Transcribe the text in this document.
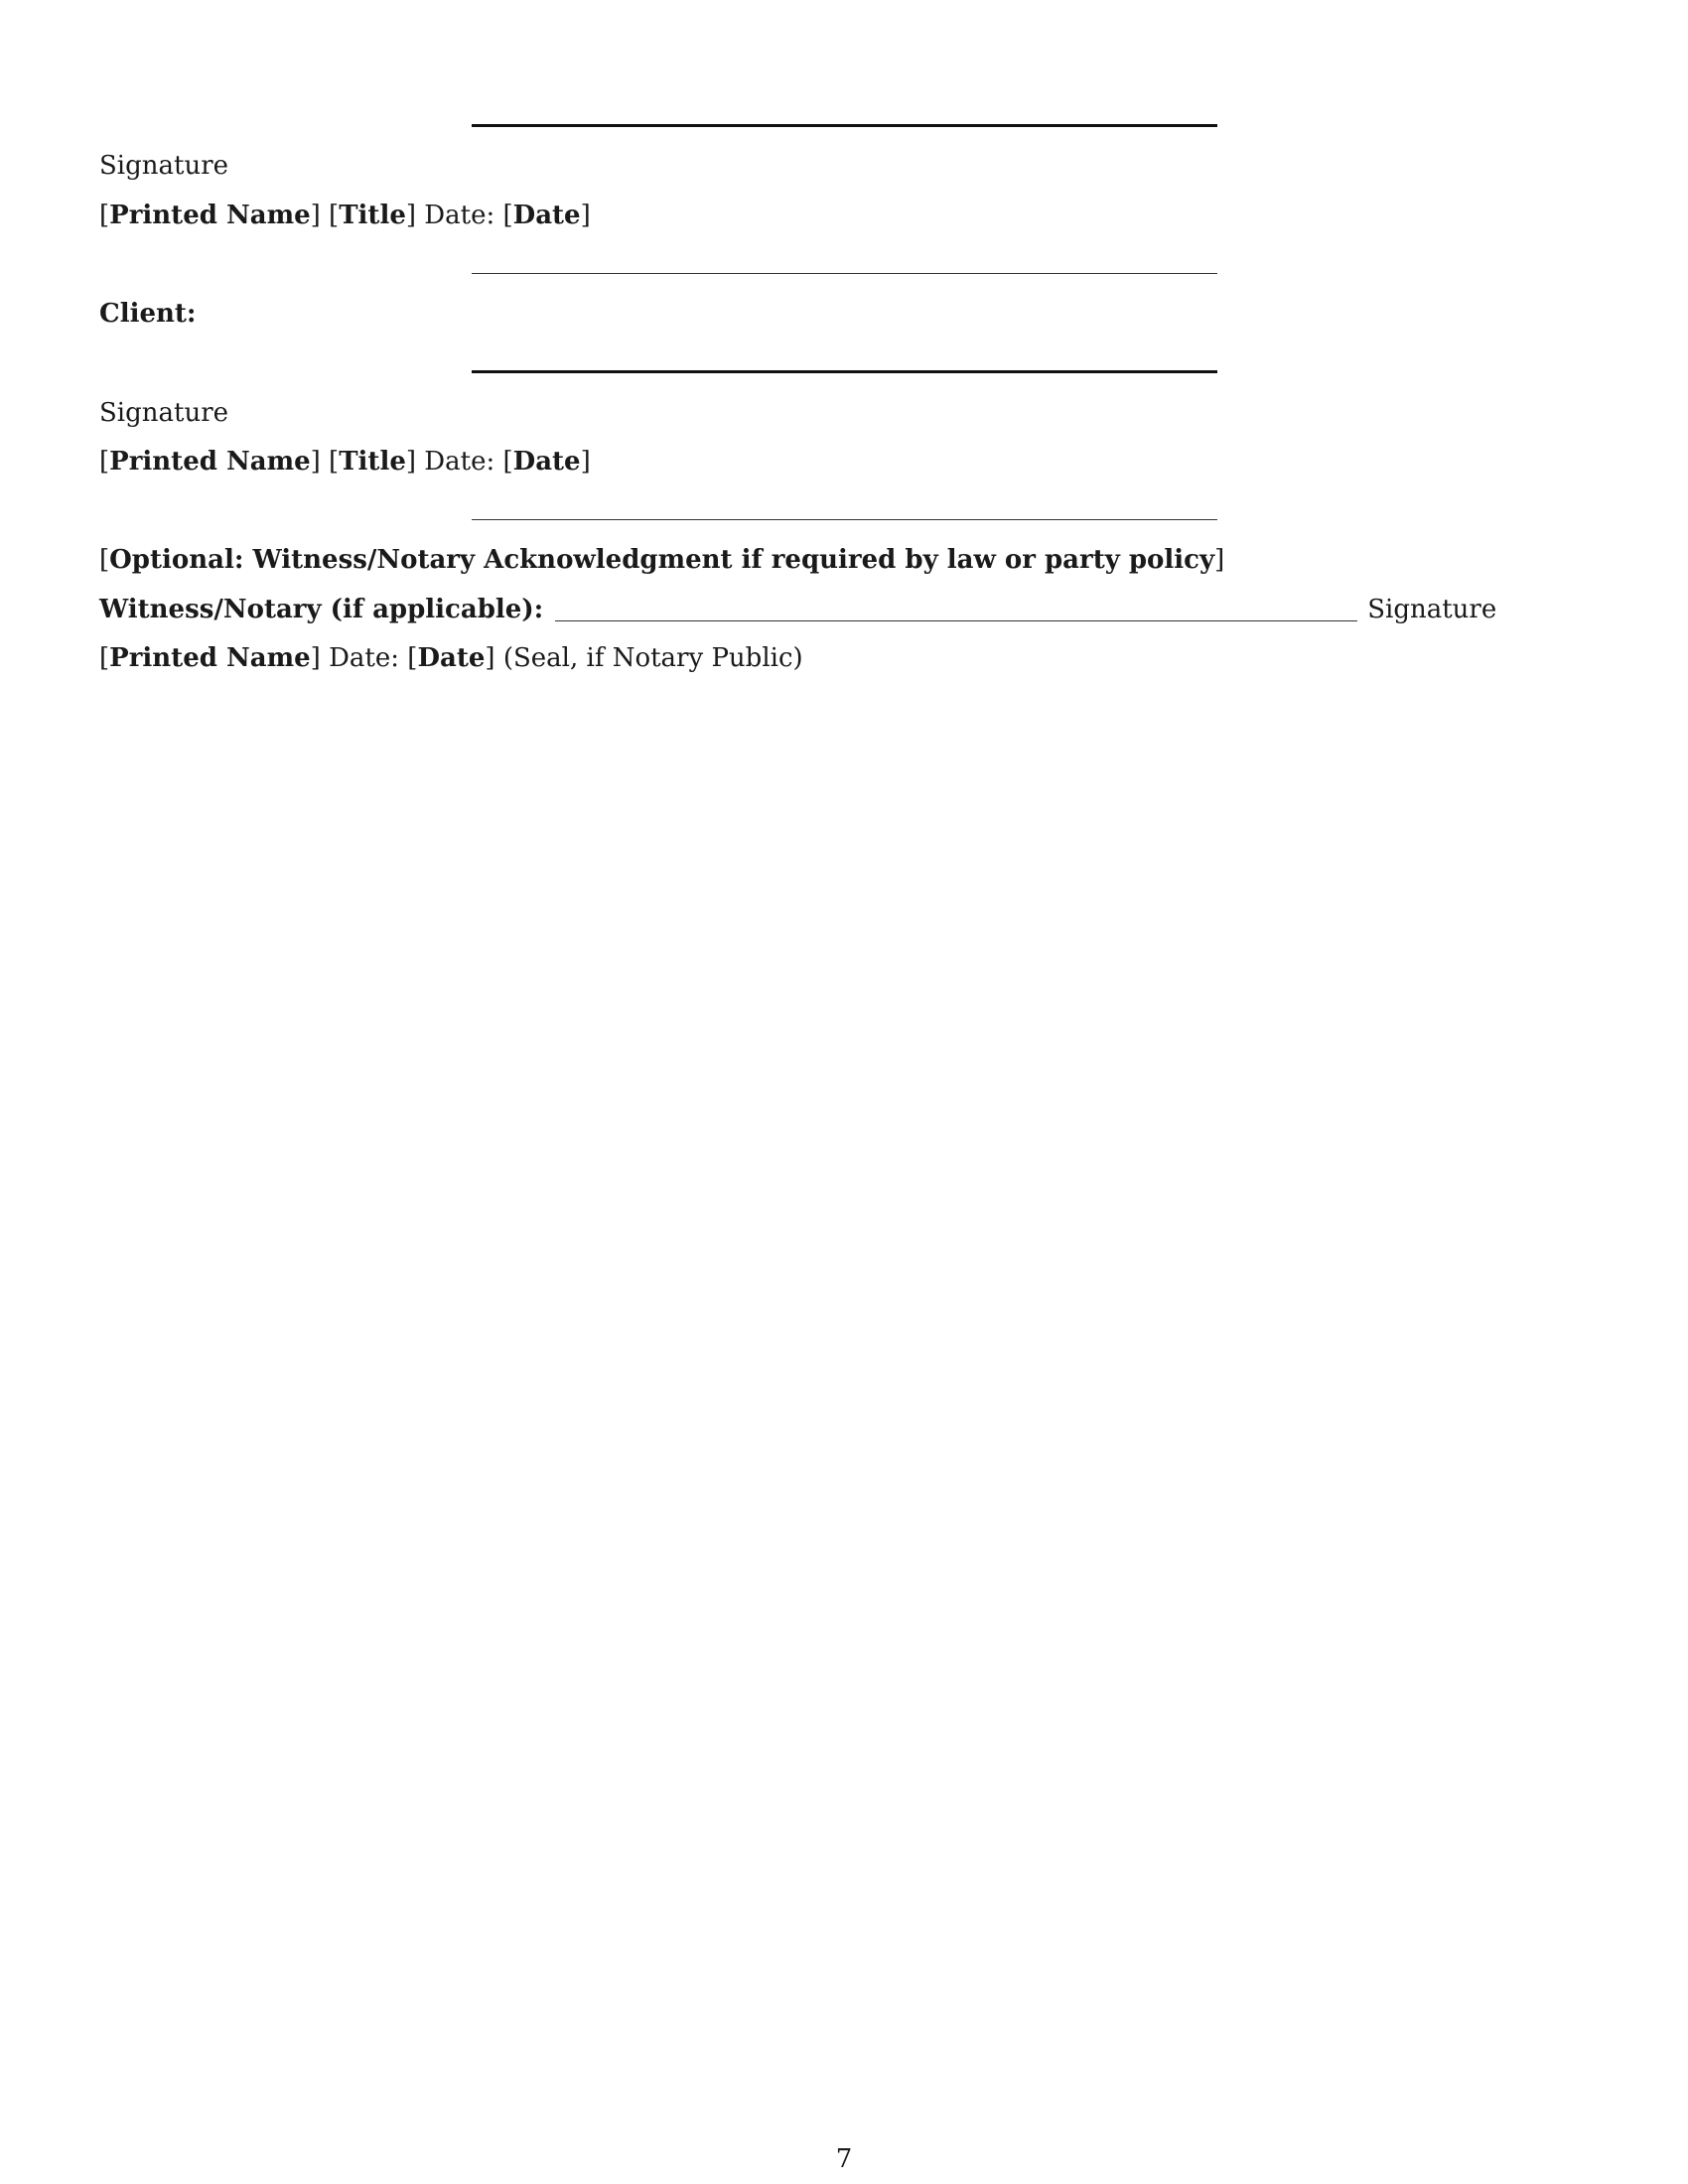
Signature
[Printed Name] [Title] Date: [Date]
Client:
Signature
[Printed Name] [Title] Date: [Date]
[Optional: Witness/Notary Acknowledgment if required by law or party policy]
Witness/Notary (if applicable):	Signature
[Printed Name] Date: [Date] (Seal, if Notary Public)
7
